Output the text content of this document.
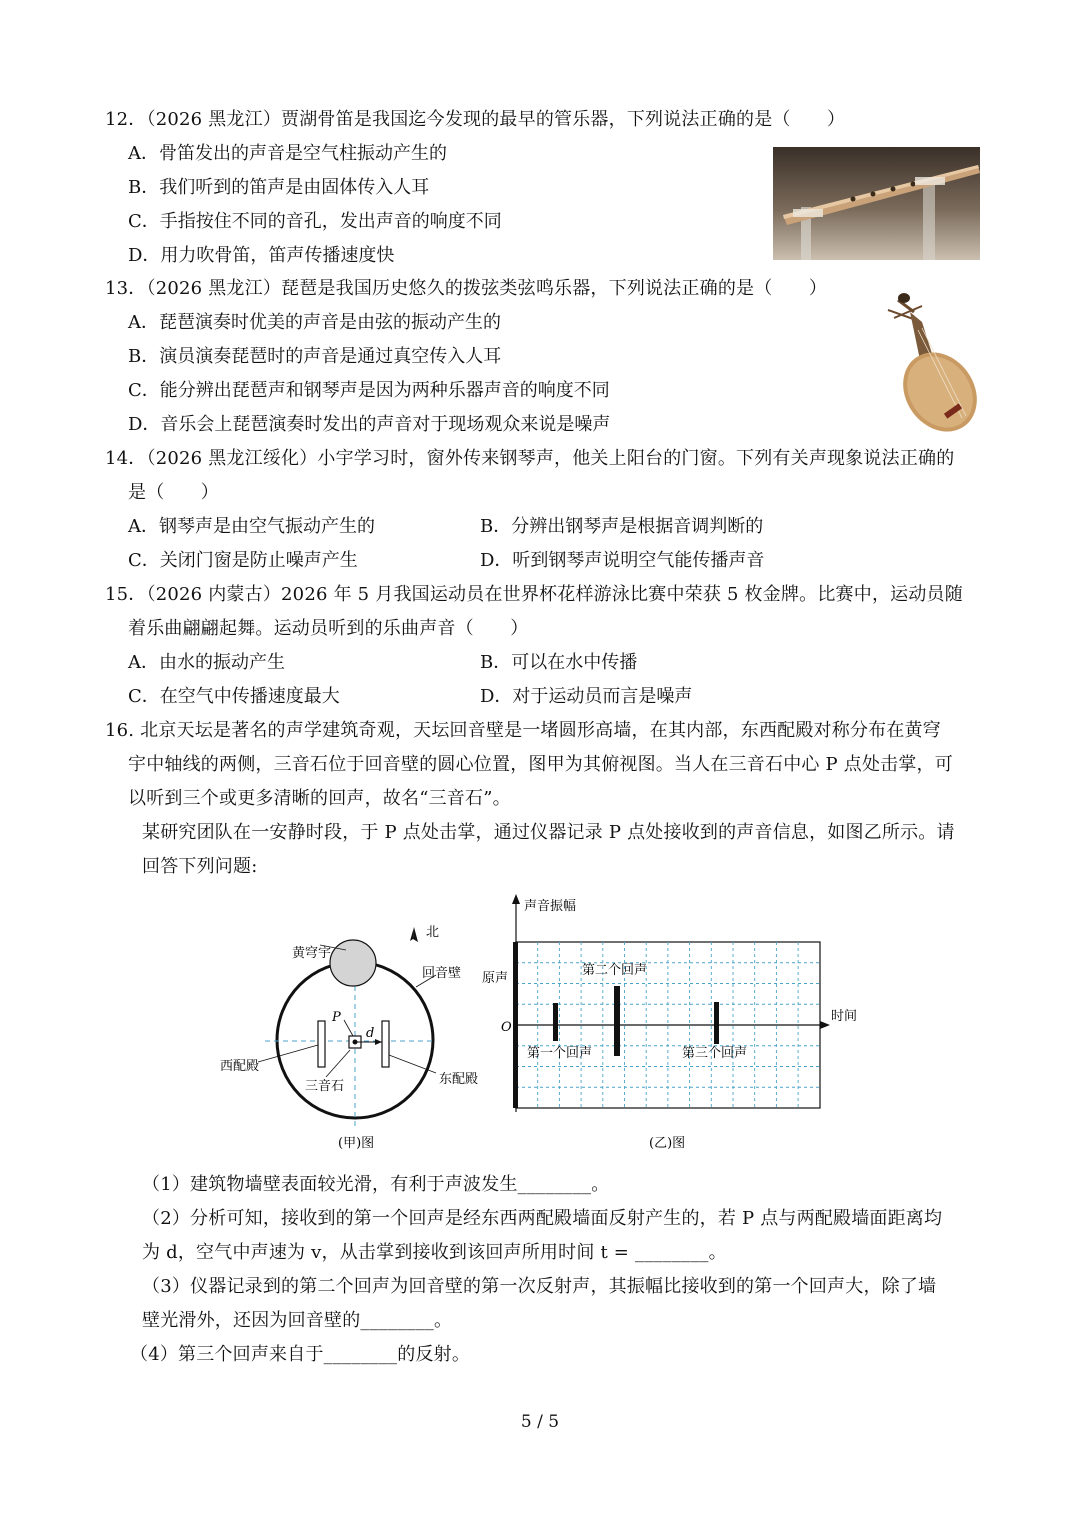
12．（2026 黑龙江）贾湖骨笛是我国迄今发现的最早的管乐器，下列说法正确的是（　　）
A．骨笛发出的声音是空气柱振动产生的
B．我们听到的笛声是由固体传入人耳
C．手指按住不同的音孔，发出声音的响度不同
D．用力吹骨笛，笛声传播速度快
13．（2026 黑龙江）琵琶是我国历史悠久的拨弦类弦鸣乐器，下列说法正确的是（　　）
A．琵琶演奏时优美的声音是由弦的振动产生的
B．演员演奏琵琶时的声音是通过真空传入人耳
C．能分辨出琵琶声和钢琴声是因为两种乐器声音的响度不同
D．音乐会上琵琶演奏时发出的声音对于现场观众来说是噪声
14．（2026 黑龙江绥化）小宇学习时，窗外传来钢琴声，他关上阳台的门窗。下列有关声现象说法正确的
是（　　）
A．钢琴声是由空气振动产生的	B．分辨出钢琴声是根据音调判断的
C．关闭门窗是防止噪声产生	D．听到钢琴声说明空气能传播声音
15．（2026 内蒙古）2026 年 5 月我国运动员在世界杯花样游泳比赛中荣获 5 枚金牌。比赛中，运动员随
着乐曲翩翩起舞。运动员听到的乐曲声音（　　）
A．由水的振动产生	B．可以在水中传播
C．在空气中传播速度最大	D．对于运动员而言是噪声
16. 北京天坛是著名的声学建筑奇观，天坛回音壁是一堵圆形高墙，在其内部，东西配殿对称分布在黄穹
宇中轴线的两侧，三音石位于回音壁的圆心位置，图甲为其俯视图。当人在三音石中心 P 点处击掌，可
以听到三个或更多清晰的回声，故名“三音石”。
某研究团队在一安静时段，于 P 点处击掌，通过仪器记录 P 点处接收到的声音信息，如图乙所示。请
回答下列问题:
黄穹宇
回音壁
西配殿
东配殿
三音石
P
d
北
(甲)图
声音振幅
时间
O
原声
第一个回声
第二个回声
第三个回声
(乙)图
（1）建筑物墙壁表面较光滑，有利于声波发生________。
（2）分析可知，接收到的第一个回声是经东西两配殿墙面反射产生的，若 P 点与两配殿墙面距离均
为 d，空气中声速为 v，从击掌到接收到该回声所用时间 t = ________。
（3）仪器记录到的第二个回声为回音壁的第一次反射声，其振幅比接收到的第一个回声大，除了墙
壁光滑外，还因为回音壁的________。
（4）第三个回声来自于________的反射。
5 / 5
